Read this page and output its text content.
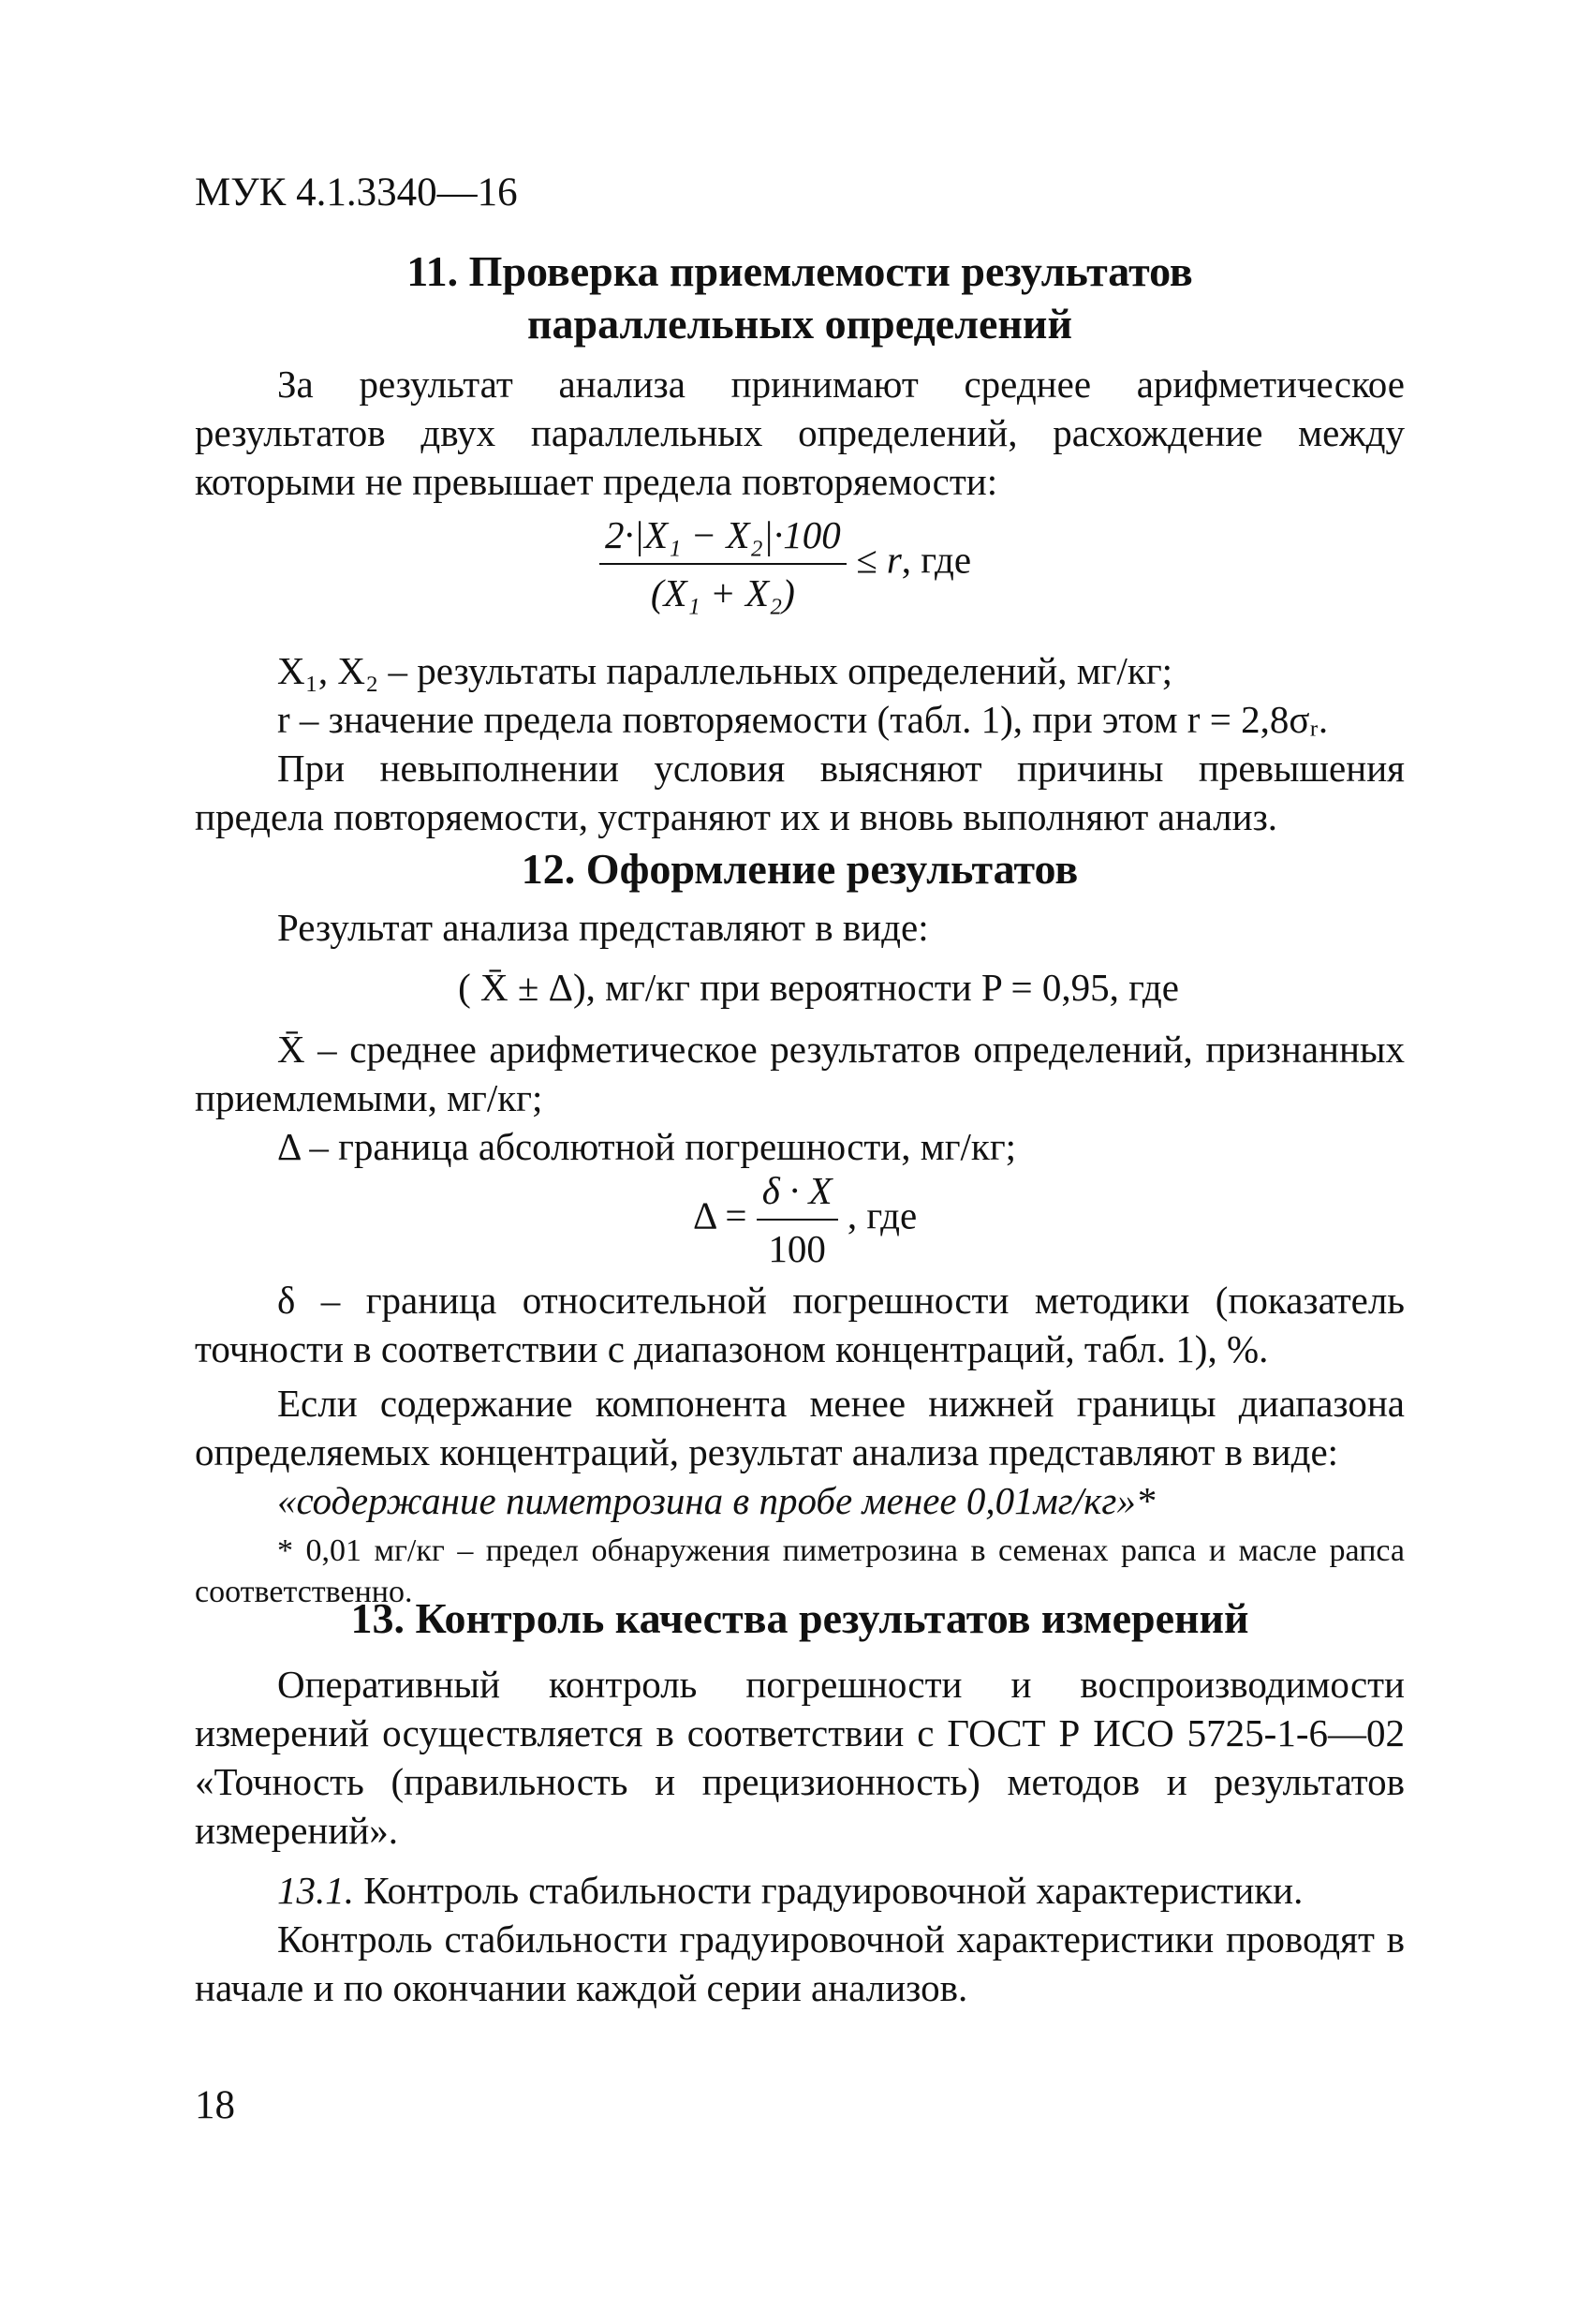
МУК 4.1.3340—16
11. Проверка приемлемости результатов
параллельных определений

За результат анализа принимают среднее арифметическое результатов двух параллельных определений, расхождение между которыми не превышает предела повторяемости:

$\frac{\text{2·|X₁ − X₂|·100}}{\text{(X₁ + X₂)}} \le r$, где

X₁, X₂ – результаты параллельных определений, мг/кг;

r – значение предела повторяемости (табл. 1), при этом r = 2,8σᵣ.

При невыполнении условия выясняют причины превышения предела повторяемости, устраняют их и вновь выполняют анализ.

12. Оформление результатов

Результат анализа представляют в виде:

( X̄ ± Δ), мг/кг при вероятности P = 0,95, где

X̄ – среднее арифметическое результатов определений, признанных приемлемыми, мг/кг;

Δ – граница абсолютной погрешности, мг/кг;

$\Delta = \frac{\delta \cdot X}{100}$ , где

δ – граница относительной погрешности методики (показатель точности в соответствии с диапазоном концентраций, табл. 1), %.

Если содержание компонента менее нижней границы диапазона определяемых концентраций, результат анализа представляют в виде:

«содержание пиметрозина в пробе менее 0,01мг/кг»*

* 0,01 мг/кг – предел обнаружения пиметрозина в семенах рапса и масле рапса соответственно.

13. Контроль качества результатов измерений

Оперативный контроль погрешности и воспроизводимости измерений осуществляется в соответствии с ГОСТ Р ИСО 5725-1-6—02 «Точность (правильность и прецизионность) методов и результатов измерений».

13.1. Контроль стабильности градуировочной характеристики.

Контроль стабильности градуировочной характеристики проводят в начале и по окончании каждой серии анализов.

18
